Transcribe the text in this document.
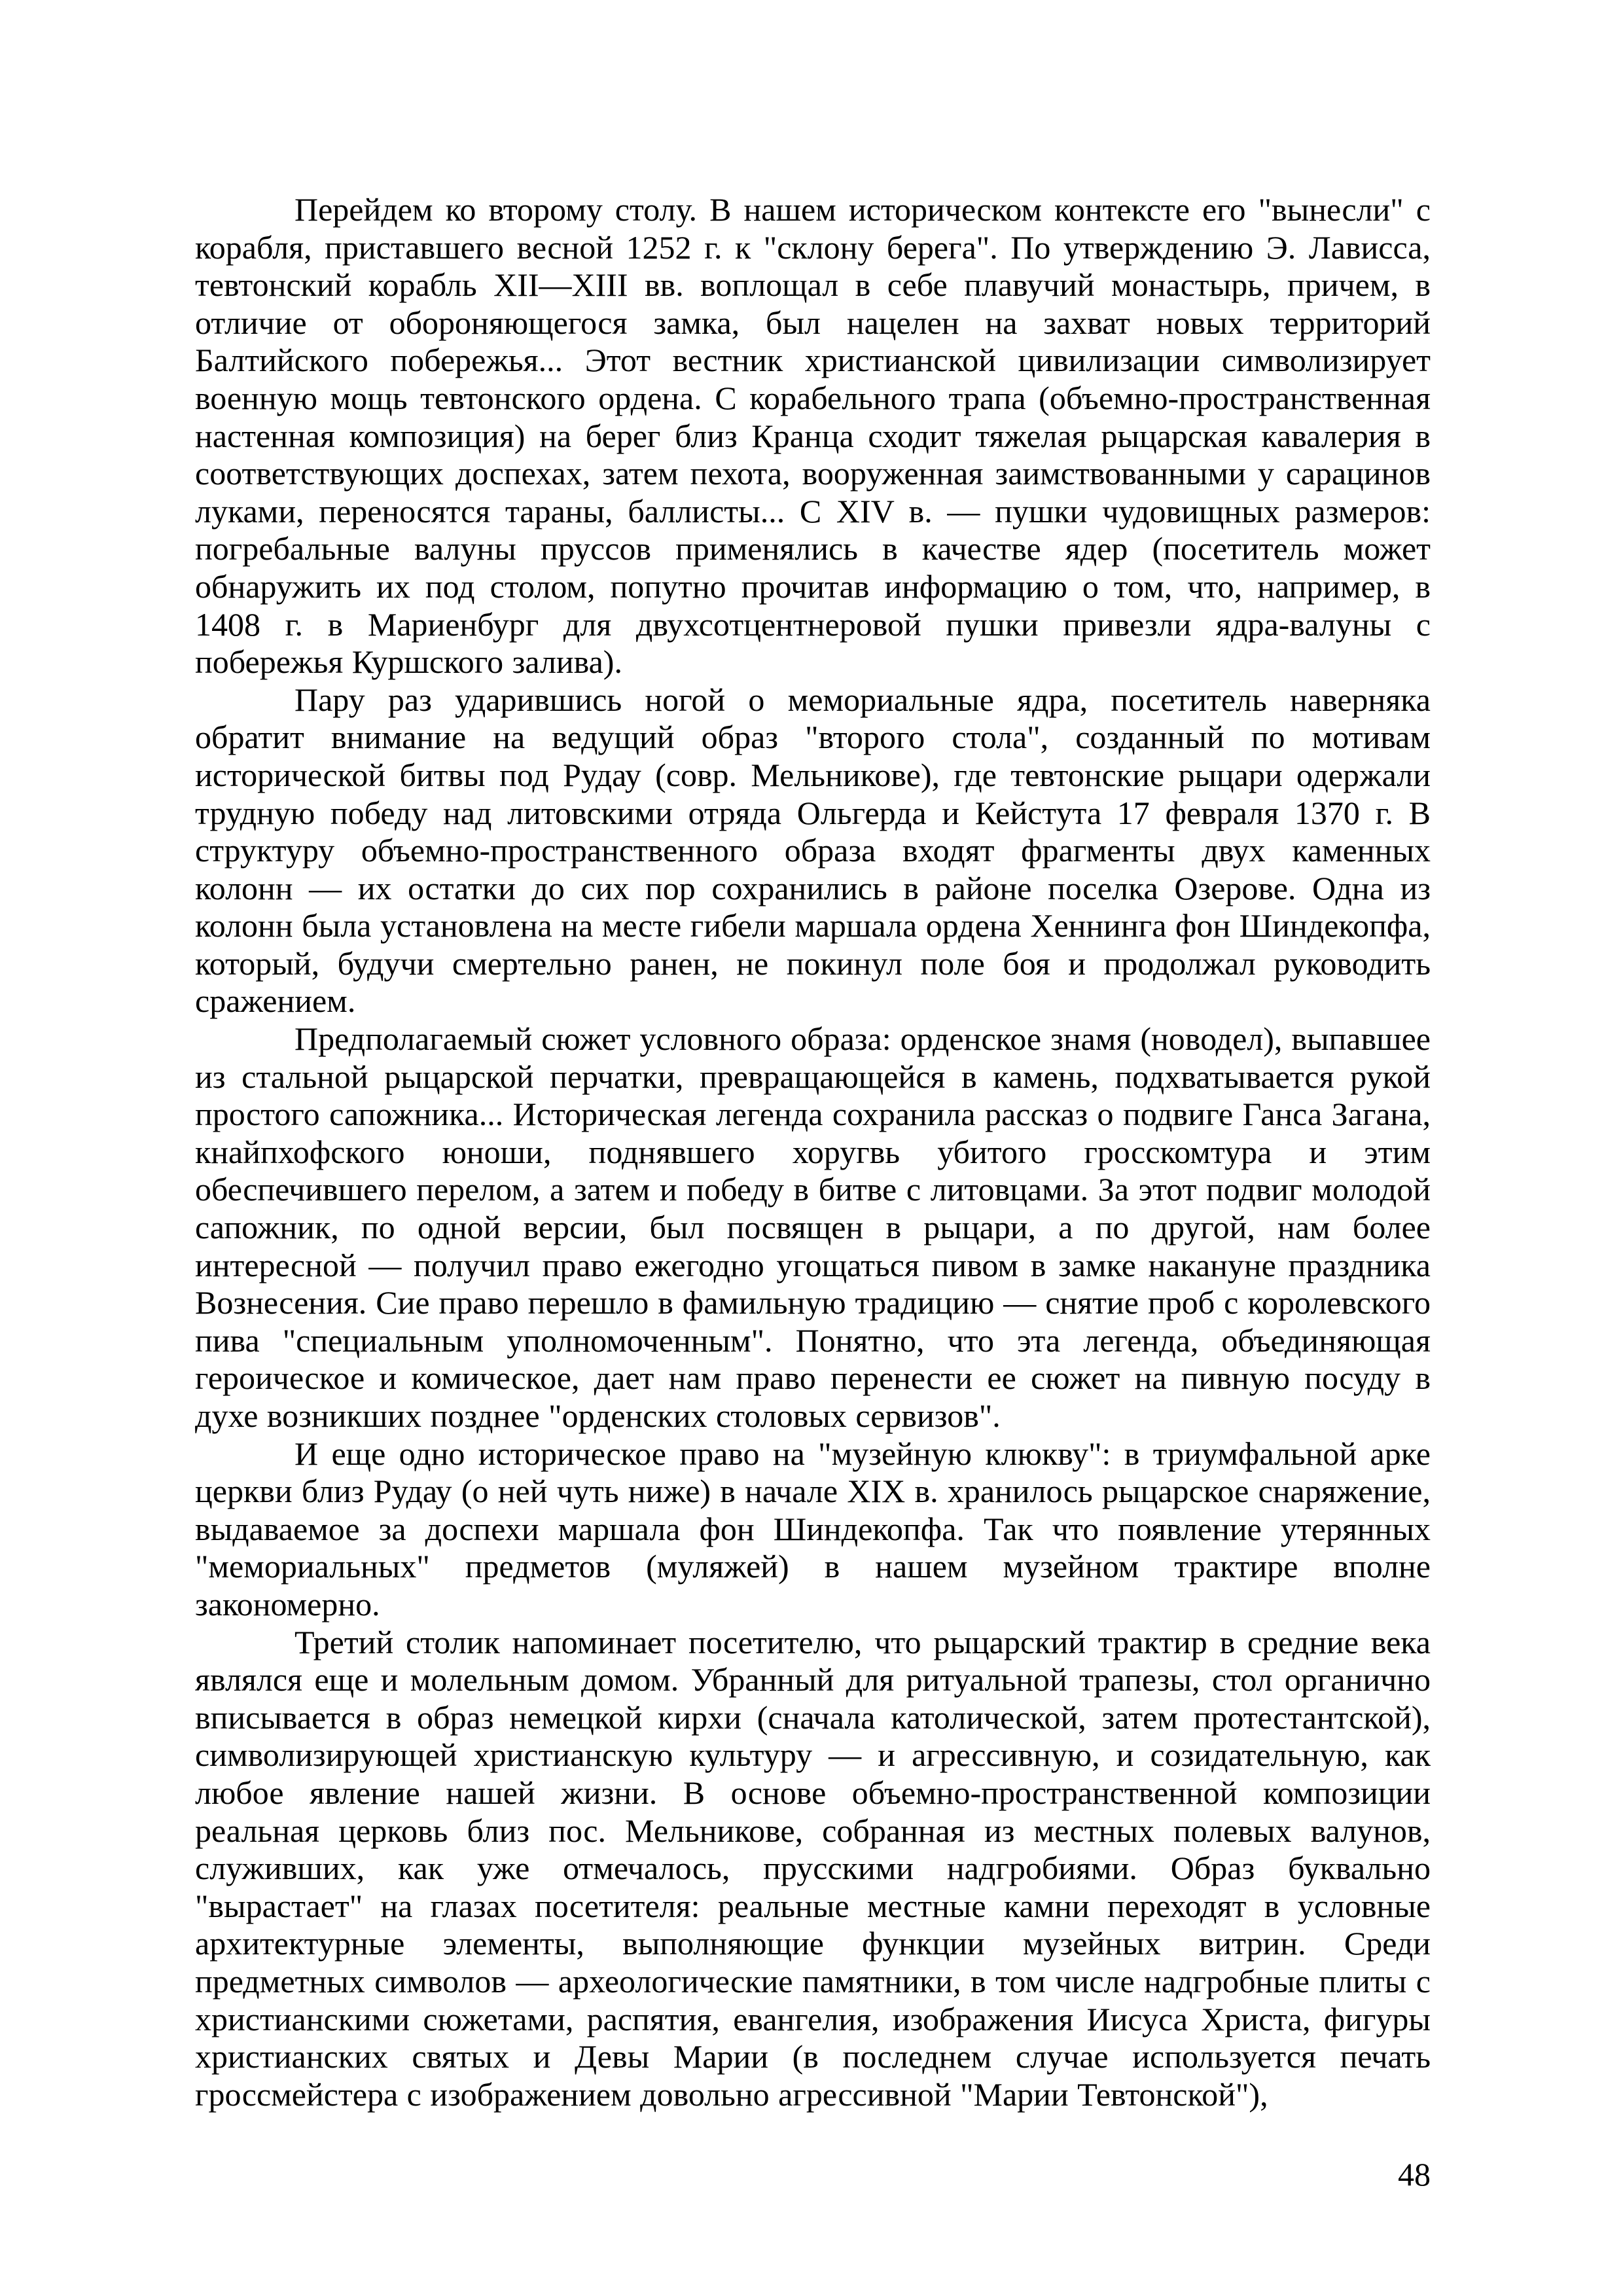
Перейдем ко второму столу. В нашем историческом контексте его "вынесли" с корабля, приставшего весной 1252 г. к "склону берега". По утверждению Э. Лависса, тевтонский корабль XII—XIII вв. воплощал в себе плавучий монастырь, причем, в отличие от обороняющегося замка, был нацелен на захват новых территорий Балтийского побережья... Этот вестник христианской цивилизации символизирует военную мощь тевтонского ордена. С корабельного трапа (объемно-пространственная настенная композиция) на берег близ Кранца сходит тяжелая рыцарская кавалерия в соответствующих доспехах, затем пехота, вооруженная заимствованными у сарацинов луками, переносятся тараны, баллисты... С XIV в. — пушки чудовищных размеров: погребальные валуны пруссов применялись в качестве ядер (посетитель может обнаружить их под столом, попутно прочитав информацию о том, что, например, в 1408 г. в Мариенбург для двухсотцентнеровой пушки привезли ядра-валуны с побережья Куршского залива).

Пару раз ударившись ногой о мемориальные ядра, посетитель наверняка обратит внимание на ведущий образ "второго стола", созданный по мотивам исторической битвы под Рудау (совр. Мельникове), где тевтонские рыцари одержали трудную победу над литовскими отряда Ольгерда и Кейстута 17 февраля 1370 г. В структуру объемно-пространственного образа входят фрагменты двух каменных колонн — их остатки до сих пор сохранились в районе поселка Озерове. Одна из колонн была установлена на месте гибели маршала ордена Хеннинга фон Шиндекопфа, который, будучи смертельно ранен, не покинул поле боя и продолжал руководить сражением.

Предполагаемый сюжет условного образа: орденское знамя (новодел), выпавшее из стальной рыцарской перчатки, превращающейся в камень, подхватывается рукой простого сапожника... Историческая легенда сохранила рассказ о подвиге Ганса Загана, кнайпхофского юноши, поднявшего хоругвь убитого гросскомтура и этим обеспечившего перелом, а затем и победу в битве с литовцами. За этот подвиг молодой сапожник, по одной версии, был посвящен в рыцари, а по другой, нам более интересной — получил право ежегодно угощаться пивом в замке накануне праздника Вознесения. Сие право перешло в фамильную традицию — снятие проб с королевского пива "специальным уполномоченным". Понятно, что эта легенда, объединяющая героическое и комическое, дает нам право перенести ее сюжет на пивную посуду в духе возникших позднее "орденских столовых сервизов".

И еще одно историческое право на "музейную клюкву": в триумфальной арке церкви близ Рудау (о ней чуть ниже) в начале XIX в. хранилось рыцарское снаряжение, выдаваемое за доспехи маршала фон Шиндекопфа. Так что появление утерянных "мемориальных" предметов (муляжей) в нашем музейном трактире вполне закономерно.

Третий столик напоминает посетителю, что рыцарский трактир в средние века являлся еще и молельным домом. Убранный для ритуальной трапезы, стол органично вписывается в образ немецкой кирхи (сначала католической, затем протестантской), символизирующей христианскую культуру — и агрессивную, и созидательную, как любое явление нашей жизни. В основе объемно-пространственной композиции реальная церковь близ пос. Мельникове, собранная из местных полевых валунов, служивших, как уже отмечалось, прусскими надгробиями. Образ буквально "вырастает" на глазах посетителя: реальные местные камни переходят в условные архитектурные элементы, выполняющие функции музейных витрин. Среди предметных символов — археологические памятники, в том числе надгробные плиты с христианскими сюжетами, распятия, евангелия, изображения Иисуса Христа, фигуры христианских святых и Девы Марии (в последнем случае используется печать гроссмейстера с изображением довольно агрессивной "Марии Тевтонской"),

48
